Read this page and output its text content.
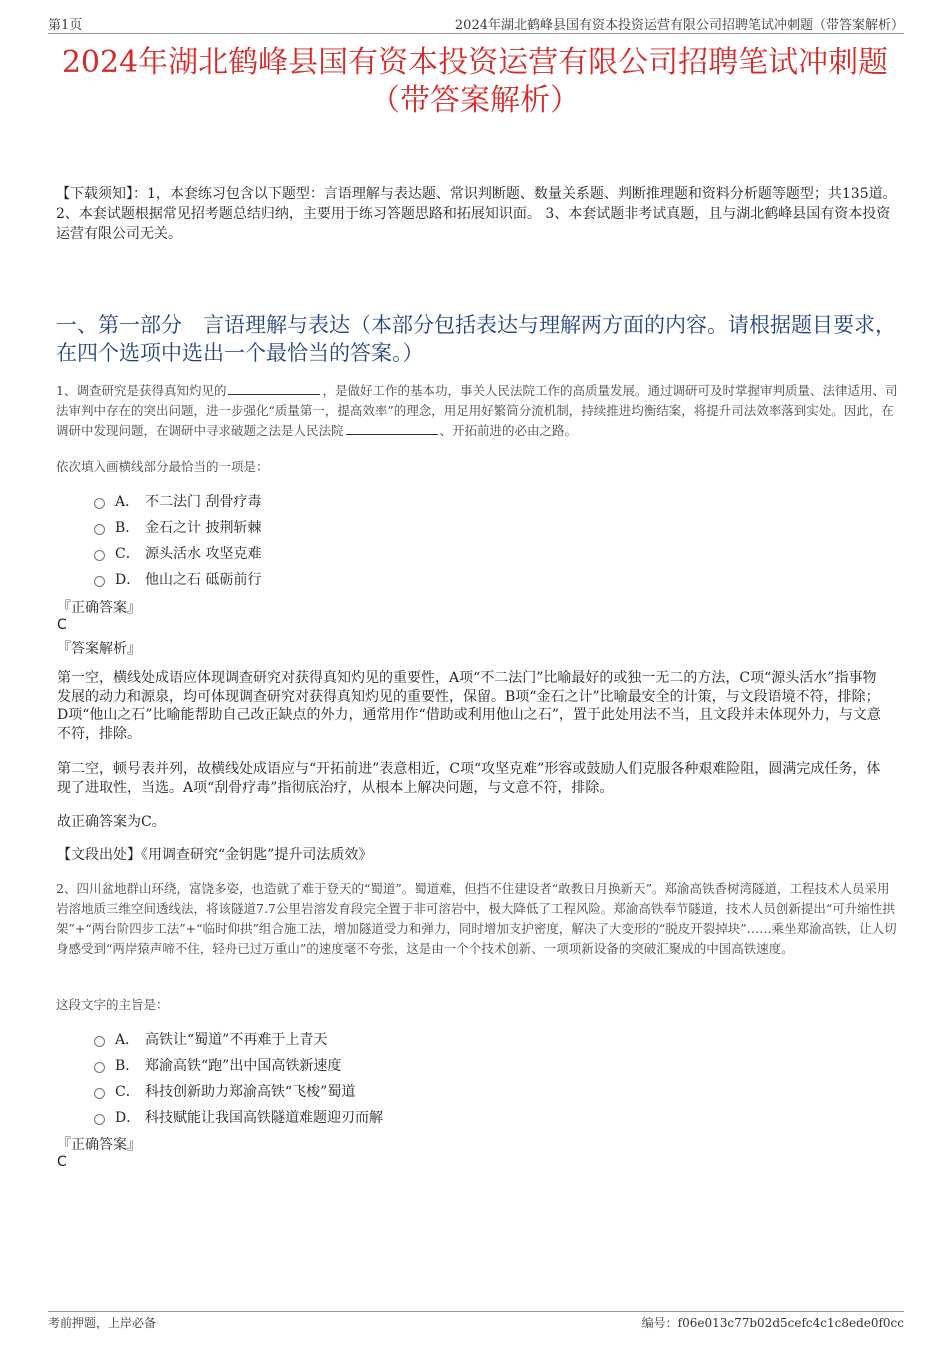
第1页	2024年湖北鹤峰县国有资本投资运营有限公司招聘笔试冲刺题（带答案解析）
2024年湖北鹤峰县国有资本投资运营有限公司招聘笔试冲刺题
（带答案解析）
【下载须知】：1，本套练习包含以下题型：言语理解与表达题、常识判断题、数量关系题、判断推理题和资料分析题等题型；共135道。 2、本套试题根据常见招考题总结归纳，主要用于练习答题思路和拓展知识面。 3、本套试题非考试真题，且与湖北鹤峰县国有资本投资运营有限公司无关。
一、第一部分　言语理解与表达（本部分包括表达与理解两方面的内容。请根据题目要求，在四个选项中选出一个最恰当的答案。）
1、调查研究是获得真知灼见的	，是做好工作的基本功，事关人民法院工作的高质量发展。通过调研可及时掌握审判质量、法律适用、司法审判中存在的突出问题，进一步强化“质量第一，提高效率”的理念，用足用好繁简分流机制，持续推进均衡结案，将提升司法效率落到实处。因此，在调研中发现问题，在调研中寻求破题之法是人民法院	、开拓前进的必由之路。
依次填入画横线部分最恰当的一项是：
A． 不二法门 刮骨疗毒
B． 金石之计 披荆斩棘
C． 源头活水 攻坚克难
D． 他山之石 砥砺前行
『正确答案』
C
『答案解析』
第一空，横线处成语应体现调查研究对获得真知灼见的重要性，A项“不二法门”比喻最好的或独一无二的方法，C项“源头活水”指事物发展的动力和源泉，均可体现调查研究对获得真知灼见的重要性，保留。B项“金石之计”比喻最安全的计策，与文段语境不符，排除；D项“他山之石”比喻能帮助自己改正缺点的外力，通常用作“借助或利用他山之石”，置于此处用法不当，且文段并未体现外力，与文意不符，排除。
第二空，顿号表并列，故横线处成语应与“开拓前进”表意相近，C项“攻坚克难”形容或鼓励人们克服各种艰难险阻，圆满完成任务，体现了进取性，当选。A项“刮骨疗毒”指彻底治疗，从根本上解决问题，与文意不符，排除。
故正确答案为C。
【文段出处】《用调查研究“金钥匙”提升司法质效》
2、四川盆地群山环绕，富饶多姿，也造就了难于登天的“蜀道”。蜀道难，但挡不住建设者“敢教日月换新天”。郑渝高铁香树湾隧道，工程技术人员采用岩溶地质三维空间透线法，将该隧道7.7公里岩溶发育段完全置于非可溶岩中，极大降低了工程风险。郑渝高铁奉节隧道，技术人员创新提出“可升缩性拱架”+“两台阶四步工法”+“临时仰拱”组合施工法，增加隧道受力和弹力，同时增加支护密度，解决了大变形的“脱皮开裂掉块”……乘坐郑渝高铁，让人切身感受到“两岸猿声啼不住，轻舟已过万重山”的速度毫不夸张，这是由一个个技术创新、一项项新设备的突破汇聚成的中国高铁速度。
这段文字的主旨是：
A． 高铁让“蜀道”不再难于上青天
B． 郑渝高铁“跑”出中国高铁新速度
C． 科技创新助力郑渝高铁“飞梭”蜀道
D． 科技赋能让我国高铁隧道难题迎刃而解
『正确答案』
C
考前押题，上岸必备	编号：f06e013c77b02d5cefc4c1c8ede0f0cc
